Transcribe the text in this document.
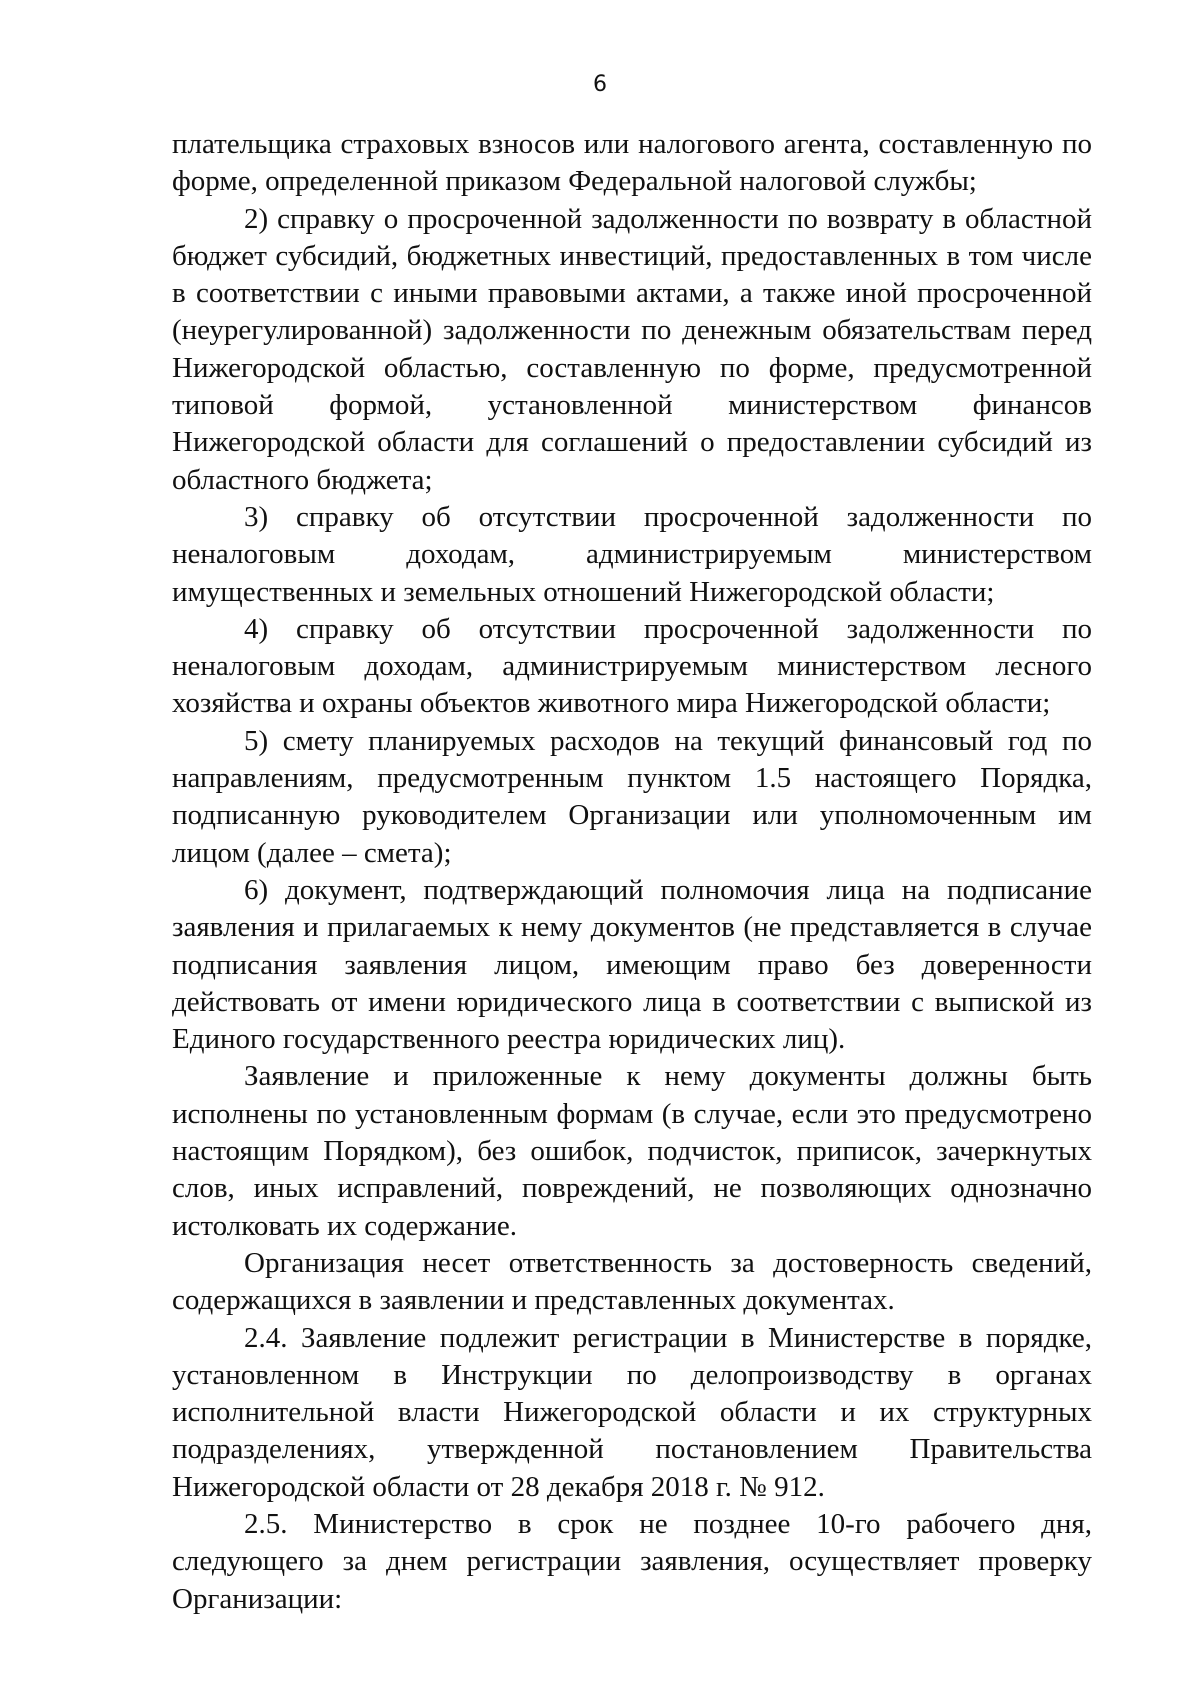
6

плательщика страховых взносов или налогового агента, составленную по форме, определенной приказом Федеральной налоговой службы;

2) справку о просроченной задолженности по возврату в областной бюджет субсидий, бюджетных инвестиций, предоставленных в том числе в соответствии с иными правовыми актами, а также иной просроченной (неурегулированной) задолженности по денежным обязательствам перед Нижегородской областью, составленную по форме, предусмотренной типовой формой, установленной министерством финансов Нижегородской области для соглашений о предоставлении субсидий из областного бюджета;

3) справку об отсутствии просроченной задолженности по неналоговым доходам, администрируемым министерством имущественных и земельных отношений Нижегородской области;

4) справку об отсутствии просроченной задолженности по неналоговым доходам, администрируемым министерством лесного хозяйства и охраны объектов животного мира Нижегородской области;

5) смету планируемых расходов на текущий финансовый год по направлениям, предусмотренным пунктом 1.5 настоящего Порядка, подписанную руководителем Организации или уполномоченным им лицом (далее – смета);

6) документ, подтверждающий полномочия лица на подписание заявления и прилагаемых к нему документов (не представляется в случае подписания заявления лицом, имеющим право без доверенности действовать от имени юридического лица в соответствии с выпиской из Единого государственного реестра юридических лиц).

Заявление и приложенные к нему документы должны быть исполнены по установленным формам (в случае, если это предусмотрено настоящим Порядком), без ошибок, подчисток, приписок, зачеркнутых слов, иных исправлений, повреждений, не позволяющих однозначно истолковать их содержание.

Организация несет ответственность за достоверность сведений, содержащихся в заявлении и представленных документах.

2.4. Заявление подлежит регистрации в Министерстве в порядке, установленном в Инструкции по делопроизводству в органах исполнительной власти Нижегородской области и их структурных подразделениях, утвержденной постановлением Правительства Нижегородской области от 28 декабря 2018 г. № 912.

2.5. Министерство в срок не позднее 10-го рабочего дня, следующего за днем регистрации заявления, осуществляет проверку Организации:
